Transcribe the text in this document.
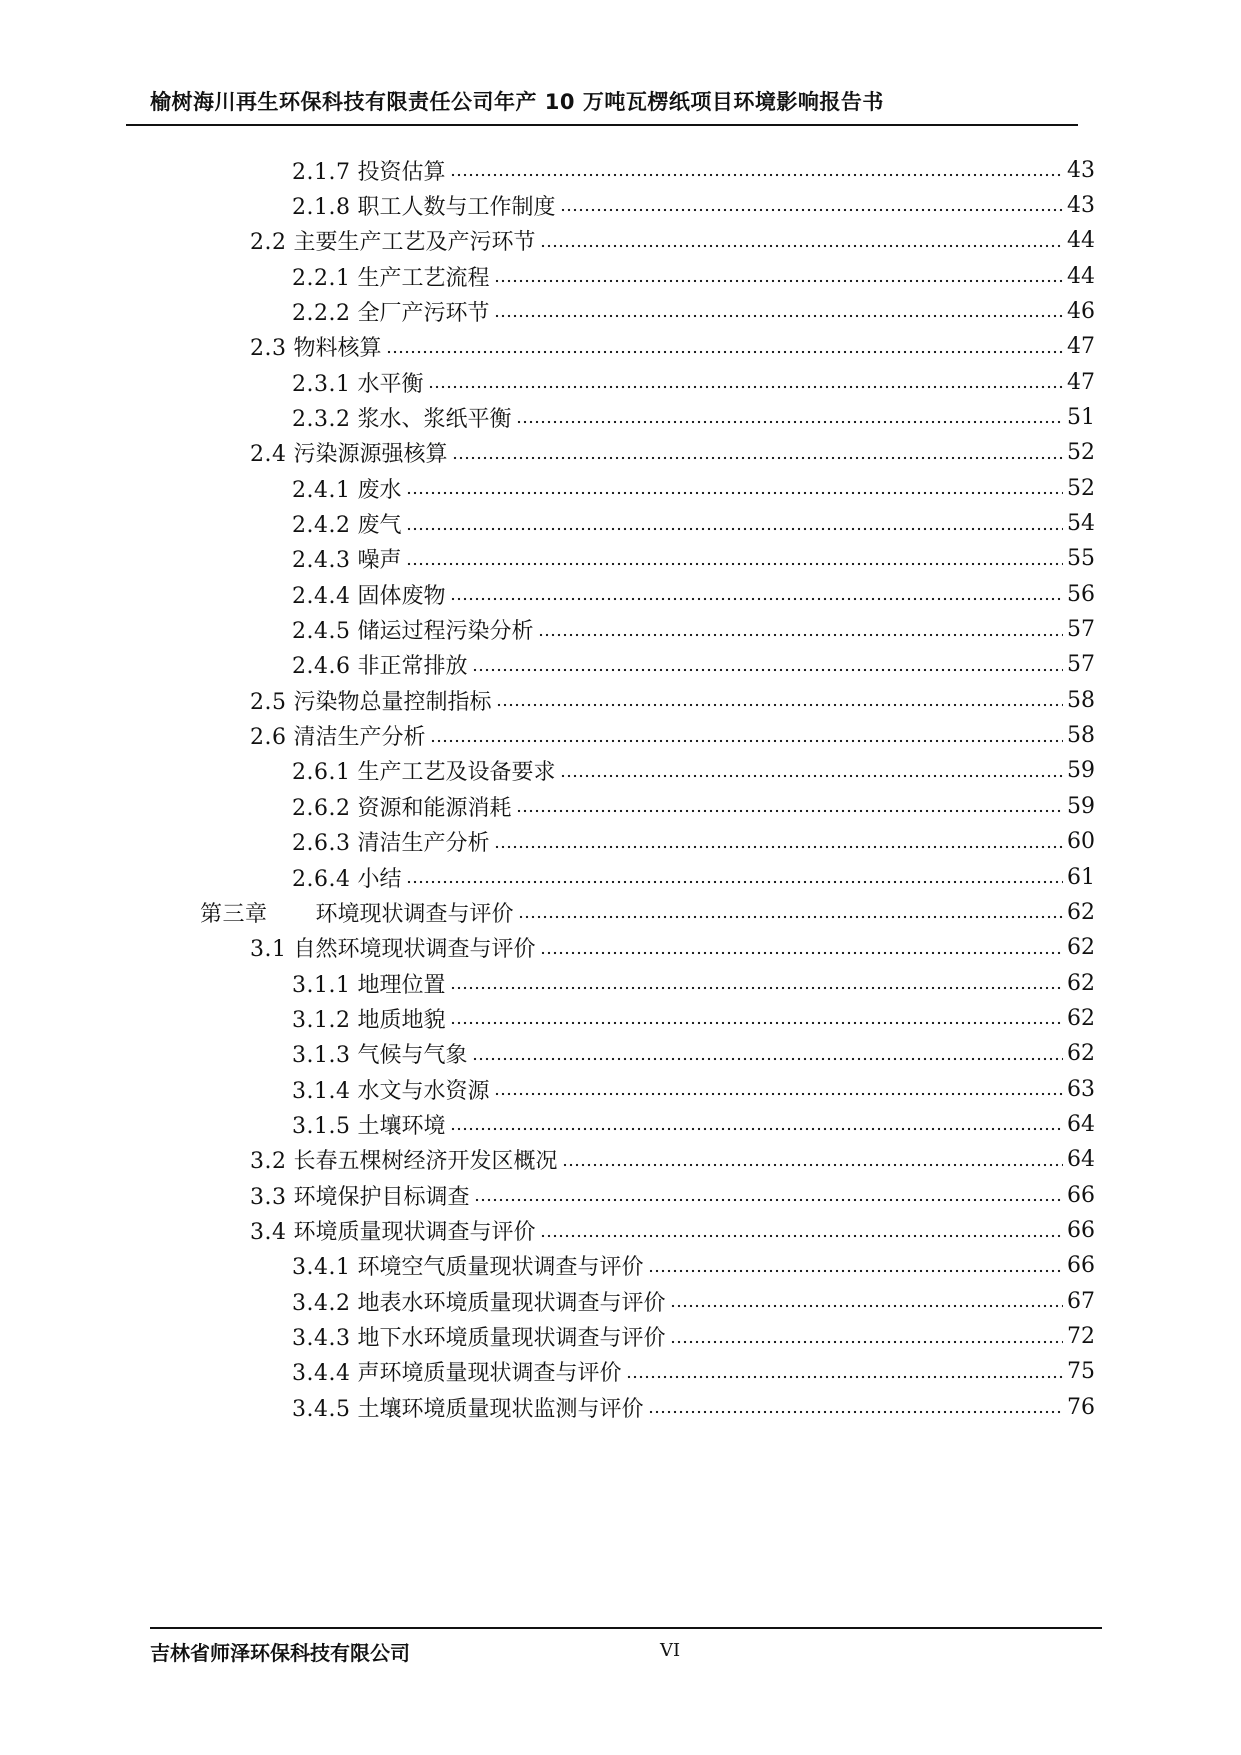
榆树海川再生环保科技有限责任公司年产 10 万吨瓦楞纸项目环境影响报告书
2.1.7 投资估算	43
2.1.8 职工人数与工作制度	43
2.2 主要生产工艺及产污环节	44
2.2.1 生产工艺流程	44
2.2.2 全厂产污环节	46
2.3 物料核算	47
2.3.1 水平衡	47
2.3.2 浆水、浆纸平衡	51
2.4 污染源源强核算	52
2.4.1 废水	52
2.4.2 废气	54
2.4.3 噪声	55
2.4.4 固体废物	56
2.4.5 储运过程污染分析	57
2.4.6 非正常排放	57
2.5 污染物总量控制指标	58
2.6 清洁生产分析	58
2.6.1 生产工艺及设备要求	59
2.6.2 资源和能源消耗	59
2.6.3 清洁生产分析	60
2.6.4 小结	61
第三章 环境现状调查与评价	62
3.1 自然环境现状调查与评价	62
3.1.1 地理位置	62
3.1.2 地质地貌	62
3.1.3 气候与气象	62
3.1.4 水文与水资源	63
3.1.5 土壤环境	64
3.2 长春五棵树经济开发区概况	64
3.3 环境保护目标调查	66
3.4 环境质量现状调查与评价	66
3.4.1 环境空气质量现状调查与评价	66
3.4.2 地表水环境质量现状调查与评价	67
3.4.3 地下水环境质量现状调查与评价	72
3.4.4 声环境质量现状调查与评价	75
3.4.5 土壤环境质量现状监测与评价	76
吉林省师泽环保科技有限公司	VI
